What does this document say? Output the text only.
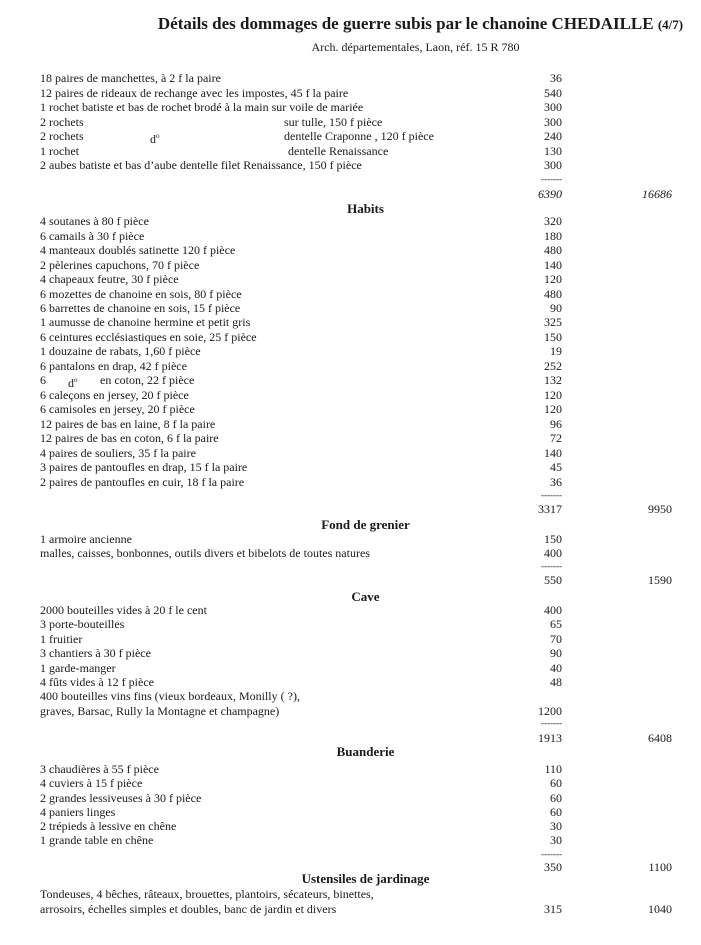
Détails des dommages de guerre subis par le chanoine CHEDAILLE (4/7)
Arch. départementales, Laon, réf. 15 R 780
18 paires de manchettes, à 2 f la paire	36
12 paires de rideaux de rechange avec les impostes, 45 f la paire	540
1 rochet batiste et bas de rochet brodé à la main sur voile de mariée	300
2 rochets	sur tulle, 150 f pièce	300
2 rochets	$d^o$	dentelle Craponne , 120 f pièce	240
1 rochet	dentelle Renaissance	130
2 aubes batiste et bas d’aube dentelle filet Renaissance, 150 f pièce	300
-------
6390	16686
Habits
4 soutanes à 80 f pièce	320
6 camails à 30 f pièce	180
4 manteaux doublés satinette 120 f pièce	480
2 pèlerines capuchons, 70 f pièce	140
4 chapeaux feutre, 30 f pièce	120
6 mozettes de chanoine en sois, 80 f pièce	480
6 barrettes de chanoine en sois, 15 f pièce	90
1 aumusse de chanoine hermine et petit gris	325
6 ceintures ecclésiastiques en soie, 25 f pièce	150
1 douzaine de rabats, 1,60 f pièce	19
6 pantalons en drap, 42 f pièce	252
6 $d^o$ en coton, 22 f pièce	132
6 caleçons en jersey, 20 f pièce	120
6 camisoles en jersey, 20 f pièce	120
12 paires de bas en laine, 8 f la paire	96
12 paires de bas en coton, 6 f la paire	72
4 paires de souliers, 35 f la paire	140
3 paires de pantoufles en drap, 15 f la paire	45
2 paires de pantoufles en cuir, 18 f la paire	36
-------
3317	9950
Fond de grenier
1 armoire ancienne	150
malles, caisses, bonbonnes, outils divers et bibelots de toutes natures	400
-------
550	1590
Cave
2000 bouteilles vides à 20 f le cent	400
3 porte-bouteilles	65
1 fruitier	70
3 chantiers à 30 f pièce	90
1 garde-manger	40
4 fûts vides à 12 f pièce	48
400 bouteilles vins fins (vieux bordeaux, Monilly ( ?),
graves, Barsac, Rully la Montagne et champagne)	1200
-------
1913	6408
Buanderie
3 chaudières à 55 f pièce	110
4 cuviers à 15 f pièce	60
2 grandes lessiveuses à 30 f pièce	60
4 paniers linges	60
2 trépieds à lessive en chêne	30
1 grande table en chêne	30
-------
350	1100
Ustensiles de jardinage
Tondeuses, 4 bêches, râteaux, brouettes, plantoirs, sécateurs, binettes,
arrosoirs, échelles simples et doubles, banc de jardin et divers	315	1040
